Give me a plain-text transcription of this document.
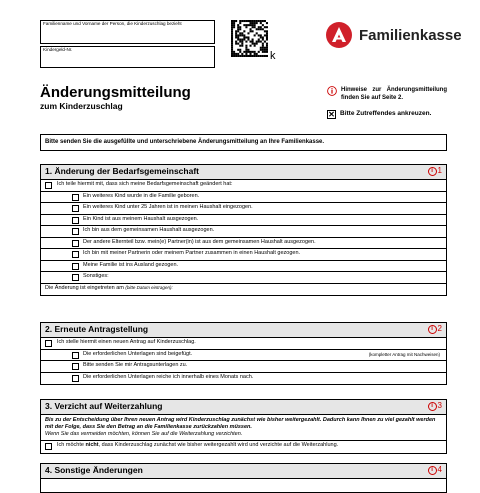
Familienname und Vorname der Person, die Kinderzuschlag bezieht
Kindergeld-Nr.
k
Familienkasse
Änderungsmitteilung
zum Kinderzuschlag
Hinweise zur Änderungsmitteilung finden Sie auf Seite 2.
✕ Bitte Zutreffendes ankreuzen.
Bitte senden Sie die ausgefüllte und unterschriebene Änderungsmitteilung an Ihre Familienkasse.
1. Änderung der Bedarfsgemeinschaft	i 1
Ich teile hiermit mit, dass sich meine Bedarfsgemeinschaft geändert hat:
Ein weiteres Kind wurde in die Familie geboren.
Ein weiteres Kind unter 25 Jahren ist in meinen Haushalt eingezogen.
Ein Kind ist aus meinem Haushalt ausgezogen.
Ich bin aus dem gemeinsamen Haushalt ausgezogen.
Der andere Elternteil bzw. mein(e) Partner(in) ist aus dem gemeinsamen Haushalt ausgezogen.
Ich bin mit meiner Partnerin oder meinem Partner zusammen in einen Haushalt gezogen.
Meine Familie ist ins Ausland gezogen.
Sonstiges:
Die Änderung ist eingetreten am (bitte Datum eintragen):
2. Erneute Antragstellung	i 2
Ich stelle hiermit einen neuen Antrag auf Kinderzuschlag.
Die erforderlichen Unterlagen sind beigefügt.	(kompletter Antrag mit Nachweisen)
Bitte senden Sie mir Antragsunterlagen zu.
Die erforderlichen Unterlagen reiche ich innerhalb eines Monats nach.
3. Verzicht auf Weiterzahlung	i 3
Bis zu der Entscheidung über Ihren neuen Antrag wird Kinderzuschlag zunächst wie bisher weitergezahlt. Dadurch kann Ihnen zu viel gezahlt werden mit der Folge, dass Sie den Betrag an die Familienkasse zurückzahlen müssen.
Wenn Sie das vermeiden möchten, können Sie auf die Weiterzahlung verzichten.
Ich möchte nicht, dass Kinderzuschlag zunächst wie bisher weitergezahlt wird und verzichte auf die Weiterzahlung.
4. Sonstige Änderungen	i 4
